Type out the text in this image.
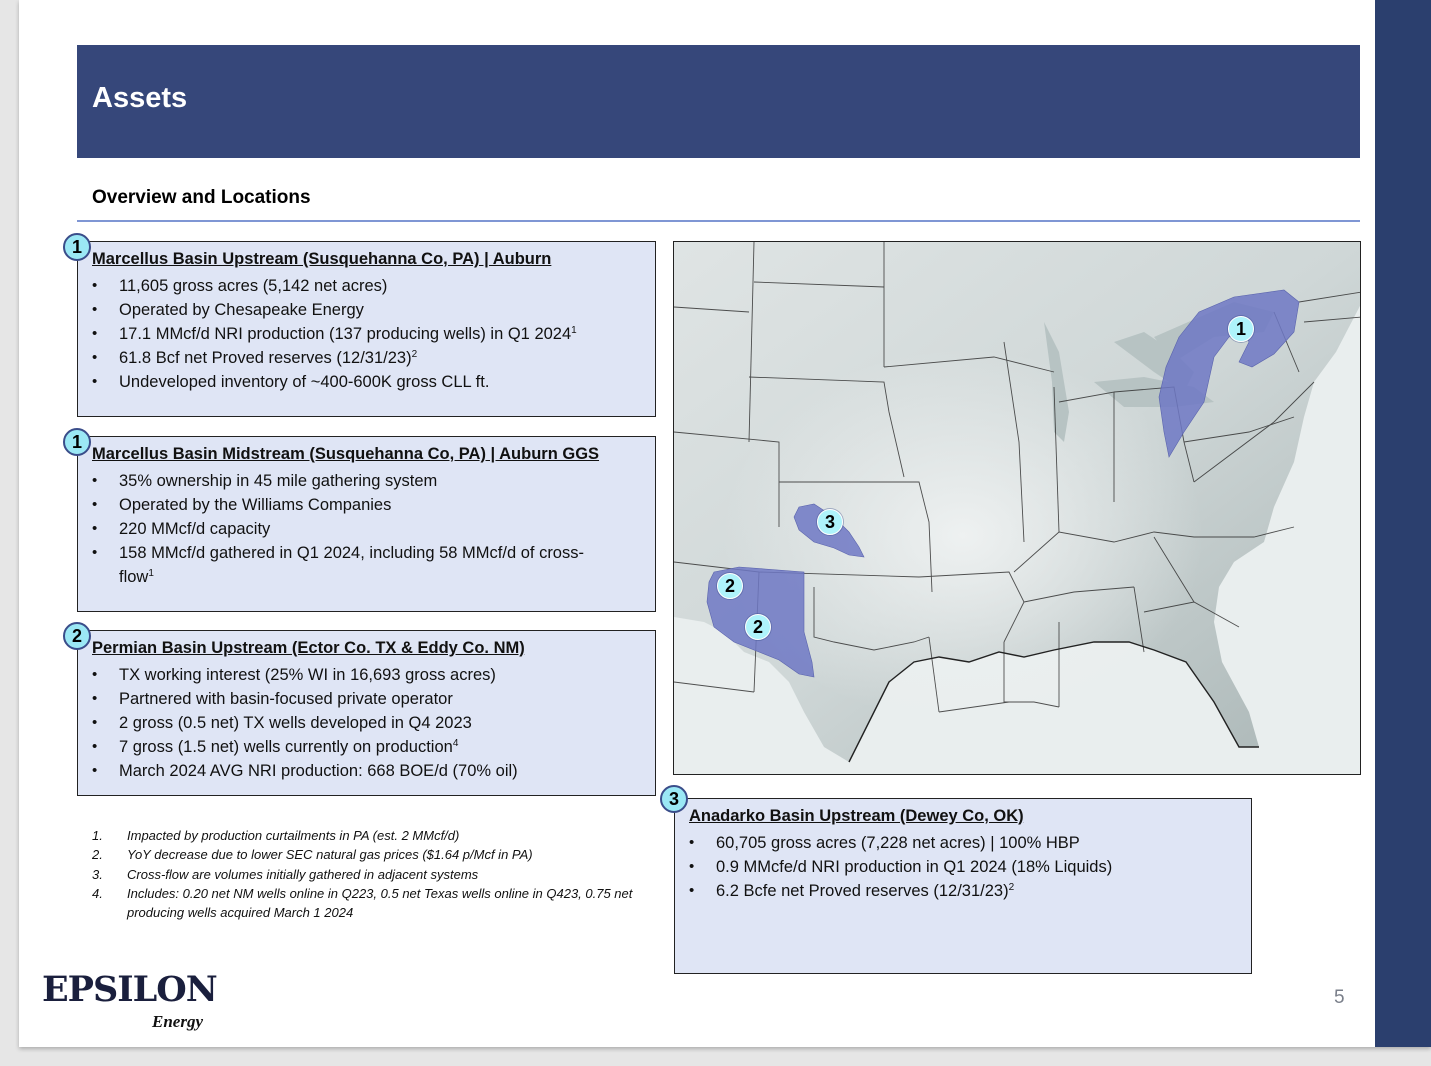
Assets
Overview and Locations
1
Marcellus Basin Upstream (Susquehanna Co, PA) | Auburn
• 11,605 gross acres (5,142 net acres)
• Operated by Chesapeake Energy
• 17.1 MMcf/d NRI production (137 producing wells) in Q1 2024$^1$
• 61.8 Bcf net Proved reserves $(12/31/23)^2$
• Undeveloped inventory of ~400-600K gross CLL ft.
1
Marcellus Basin Midstream (Susquehanna Co, PA) | Auburn GGS
• 35% ownership in 45 mile gathering system
• Operated by the Williams Companies
• 220 MMcf/d capacity
• 158 MMcf/d gathered in Q1 2024, including 58 MMcf/d of cross-flow$^1$
2
Permian Basin Upstream (Ector Co. TX & Eddy Co. NM)
• TX working interest (25% WI in 16,693 gross acres)
• Partnered with basin-focused private operator
• 2 gross (0.5 net) TX wells developed in Q4 2023
• 7 gross (1.5 net) wells currently on production$^4$
• March 2024 AVG NRI production: 668 BOE/d (70% oil)
1. Impacted by production curtailments in PA (est. 2 MMcf/d)
2. YoY decrease due to lower SEC natural gas prices ($1.64 p/Mcf in PA)
3. Cross-flow are volumes initially gathered in adjacent systems
4. Includes: 0.20 net NM wells online in Q223, 0.5 net Texas wells online in Q423, 0.75 net producing wells acquired March 1 2024
1
3
2
2
3
Anadarko Basin Upstream (Dewey Co, OK)
• 60,705 gross acres (7,228 net acres) | 100% HBP
• 0.9 MMcfe/d NRI production in Q1 2024 (18% Liquids)
• 6.2 Bcfe net Proved reserves $(12/31/23)^2$
EPSILON
Energy
5
